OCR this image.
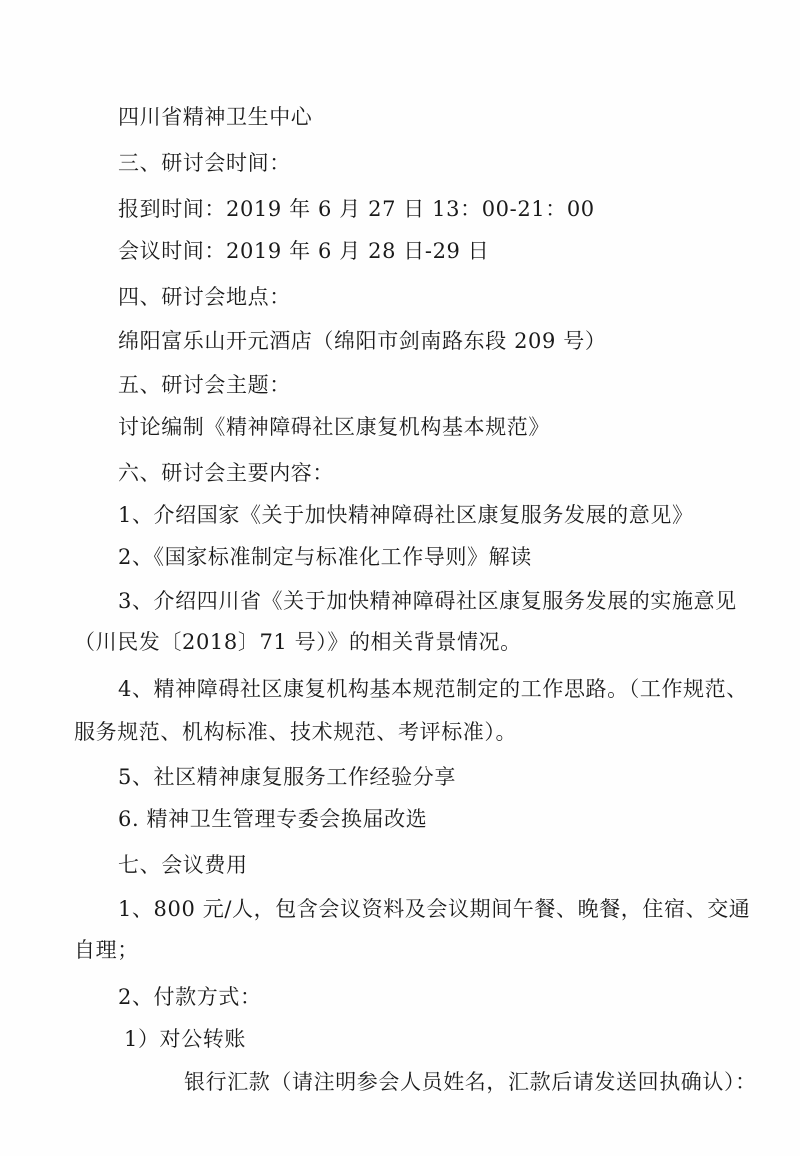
四川省精神卫生中心
三、研讨会时间：
报到时间：2019 年 6 月 27 日 13：00-21：00
会议时间：2019 年 6 月 28 日-29 日
四、研讨会地点：
绵阳富乐山开元酒店（绵阳市剑南路东段 209 号）
五、研讨会主题：
讨论编制《精神障碍社区康复机构基本规范》
六、研讨会主要内容：
1、介绍国家《关于加快精神障碍社区康复服务发展的意见》
2、《国家标准制定与标准化工作导则》解读
3、介绍四川省《关于加快精神障碍社区康复服务发展的实施意见
（川民发〔2018〕71 号）》的相关背景情况。
4、精神障碍社区康复机构基本规范制定的工作思路。（工作规范、
服务规范、机构标准、技术规范、考评标准）。
5、社区精神康复服务工作经验分享
6. 精神卫生管理专委会换届改选
七、会议费用
1、800 元/人，包含会议资料及会议期间午餐、晚餐，住宿、交通
自理；
2、付款方式：
1）对公转账
银行汇款（请注明参会人员姓名，汇款后请发送回执确认）：
